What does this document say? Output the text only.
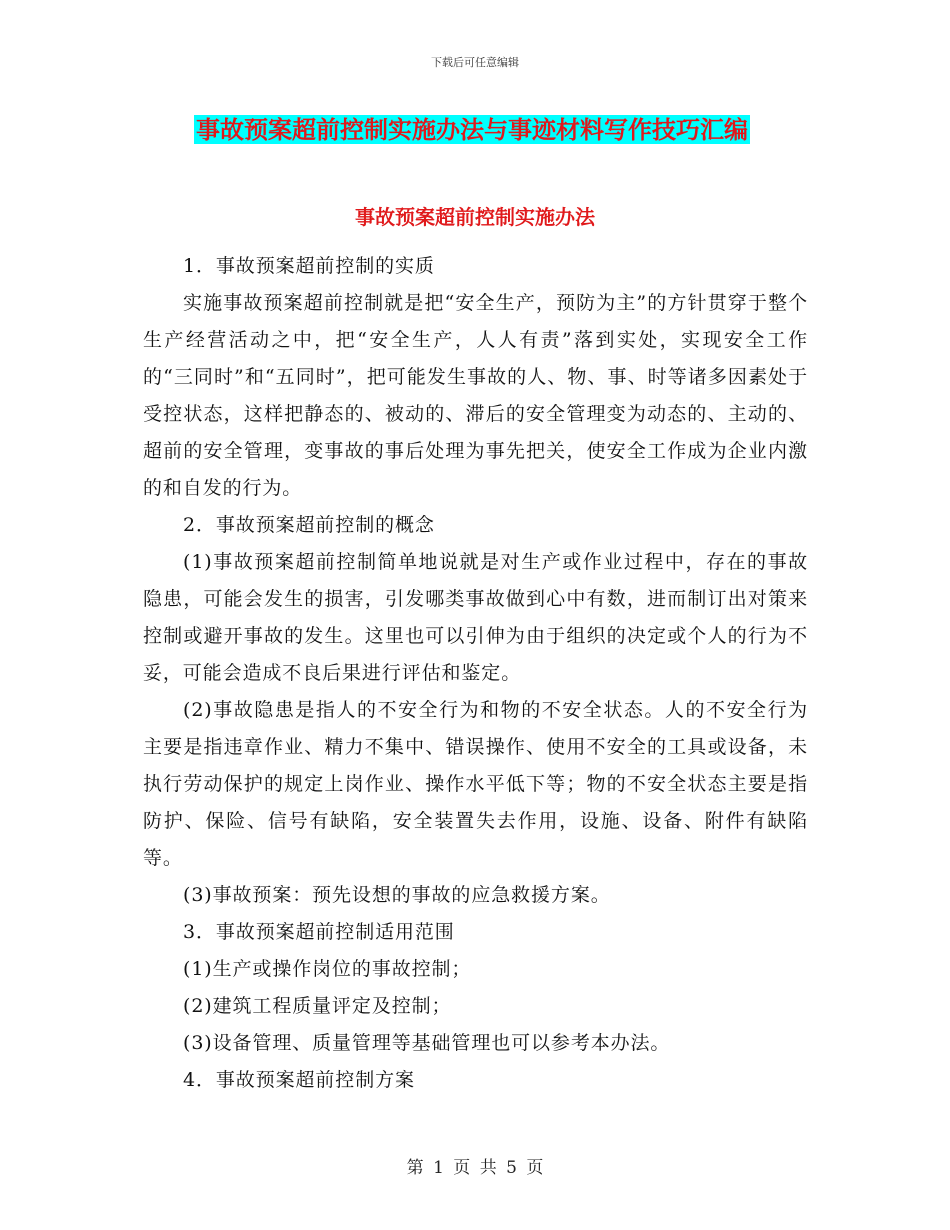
下载后可任意编辑
事故预案超前控制实施办法与事迹材料写作技巧汇编
事故预案超前控制实施办法

1．事故预案超前控制的实质

实施事故预案超前控制就是把“安全生产，预防为主”的方针贯穿于整个生产经营活动之中，把“安全生产，人人有责”落到实处，实现安全工作的“三同时”和“五同时”，把可能发生事故的人、物、事、时等诸多因素处于受控状态，这样把静态的、被动的、滞后的安全管理变为动态的、主动的、超前的安全管理，变事故的事后处理为事先把关，使安全工作成为企业内激的和自发的行为。

2．事故预案超前控制的概念

(1)事故预案超前控制简单地说就是对生产或作业过程中，存在的事故隐患，可能会发生的损害，引发哪类事故做到心中有数，进而制订出对策来控制或避开事故的发生。这里也可以引伸为由于组织的决定或个人的行为不妥，可能会造成不良后果进行评估和鉴定。

(2)事故隐患是指人的不安全行为和物的不安全状态。人的不安全行为主要是指违章作业、精力不集中、错误操作、使用不安全的工具或设备，未执行劳动保护的规定上岗作业、操作水平低下等；物的不安全状态主要是指防护、保险、信号有缺陷，安全装置失去作用，设施、设备、附件有缺陷等。

(3)事故预案：预先设想的事故的应急救援方案。

3．事故预案超前控制适用范围

(1)生产或操作岗位的事故控制；

(2)建筑工程质量评定及控制；

(3)设备管理、质量管理等基础管理也可以参考本办法。

4．事故预案超前控制方案

第 1 页 共 5 页
